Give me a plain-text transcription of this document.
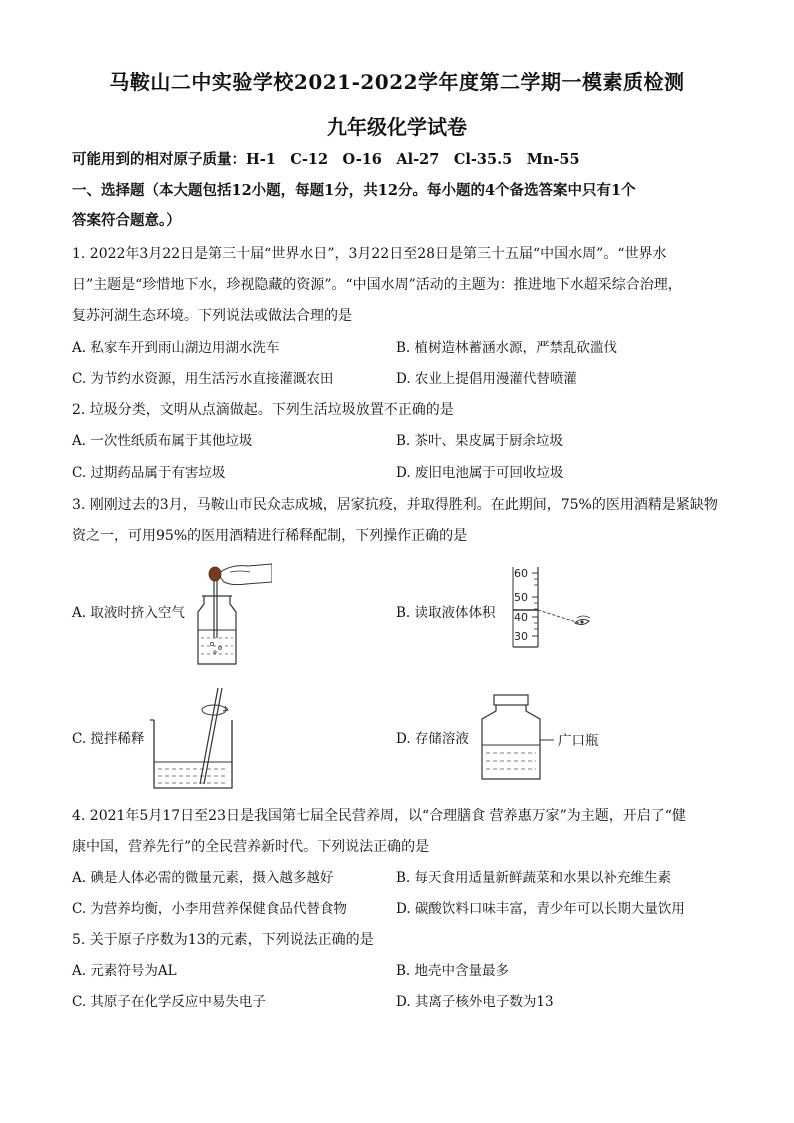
马鞍山二中实验学校2021-2022学年度第二学期一模素质检测
九年级化学试卷
可能用到的相对原子质量：H-1　C-12　O-16　Al-27　Cl-35.5　Mn-55
一、选择题（本大题包括12小题，每题1分，共12分。每小题的4个备选答案中只有1个
答案符合题意。）
1. 2022年3月22日是第三十届“世界水日”，3月22日至28日是第三十五届“中国水周”。“世界水
日”主题是“珍惜地下水，珍视隐藏的资源”。“中国水周”活动的主题为：推进地下水超采综合治理，
复苏河湖生态环境。下列说法或做法合理的是
A. 私家车开到雨山湖边用湖水洗车	B. 植树造林蓄涵水源，严禁乱砍滥伐
C. 为节约水资源，用生活污水直接灌溉农田	D. 农业上提倡用漫灌代替喷灌
2. 垃圾分类，文明从点滴做起。下列生活垃圾放置不正确的是
A. 一次性纸质布属于其他垃圾	B. 茶叶、果皮属于厨余垃圾
C. 过期药品属于有害垃圾	D. 废旧电池属于可回收垃圾
3. 刚刚过去的3月，马鞍山市民众志成城，居家抗疫，并取得胜利。在此期间，75%的医用酒精是紧缺物
资之一，可用95%的医用酒精进行稀释配制，下列操作正确的是
A. 取液时挤入空气	B. 读取液体体积
60
50
40
30
C. 搅拌稀释	D. 存储溶液	广口瓶
4. 2021年5月17日至23日是我国第七届全民营养周，以“合理膳食 营养惠万家”为主题，开启了“健
康中国，营养先行”的全民营养新时代。下列说法正确的是
A. 碘是人体必需的微量元素，摄入越多越好	B. 每天食用适量新鲜蔬菜和水果以补充维生素
C. 为营养均衡，小李用营养保健食品代替食物	D. 碳酸饮料口味丰富，青少年可以长期大量饮用
5. 关于原子序数为13的元素，下列说法正确的是
A. 元素符号为AL	B. 地壳中含量最多
C. 其原子在化学反应中易失电子	D. 其离子核外电子数为13
